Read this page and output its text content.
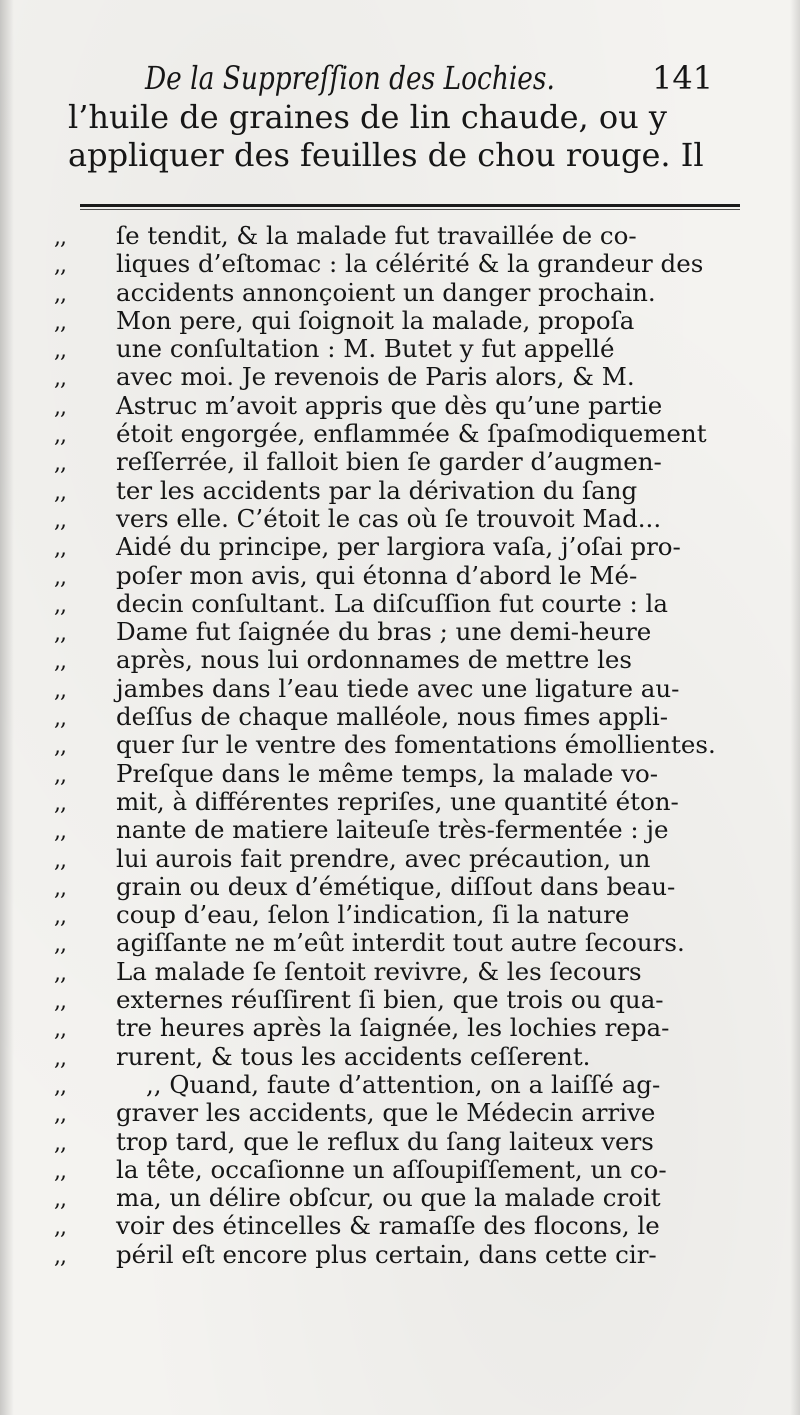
De la Suppreſſion des Lochies.	141
l’huile de graines de lin chaude, ou y
appliquer des feuilles de chou rouge. Il
,,	ſe tendit, & la malade fut travaillée de co-
,,	liques d’eſtomac : la célérité & la grandeur des
,,	accidents annonçoient un danger prochain.
,,	Mon pere, qui ſoignoit la malade, propoſa
,,	une conſultation : M. Butet y fut appellé
,,	avec moi. Je revenois de Paris alors, & M.
,,	Astruc m’avoit appris que dès qu’une partie
,,	étoit engorgée, enflammée & ſpaſmodiquement
,,	reſſerrée, il falloit bien ſe garder d’augmen-
,,	ter les accidents par la dérivation du ſang
,,	vers elle. C’étoit le cas où ſe trouvoit Mad...
,,	Aidé du principe, per largiora vaſa, j’oſai pro-
,,	poſer mon avis, qui étonna d’abord le Mé-
,,	decin conſultant. La diſcuſſion fut courte : la
,,	Dame fut ſaignée du bras ; une demi-heure
,,	après, nous lui ordonnames de mettre les
,,	jambes dans l’eau tiede avec une ligature au-
,,	deſſus de chaque malléole, nous fimes appli-
,,	quer ſur le ventre des fomentations émollientes.
,,	Preſque dans le même temps, la malade vo-
,,	mit, à différentes repriſes, une quantité éton-
,,	nante de matiere laiteuſe très-fermentée : je
,,	lui aurois fait prendre, avec précaution, un
,,	grain ou deux d’émétique, diſſout dans beau-
,,	coup d’eau, ſelon l’indication, ſi la nature
,,	agiſſante ne m’eût interdit tout autre ſecours.
,,	La malade ſe ſentoit revivre, & les ſecours
,,	externes réuſſirent ſi bien, que trois ou qua-
,,	tre heures après la ſaignée, les lochies repa-
,,	rurent, & tous les accidents ceſſerent.
,,	,, Quand, faute d’attention, on a laiſſé ag-
,,	graver les accidents, que le Médecin arrive
,,	trop tard, que le reflux du ſang laiteux vers
,,	la tête, occaſionne un aſſoupiſſement, un co-
,,	ma, un délire obſcur, ou que la malade croit
,,	voir des étincelles & ramaſſe des flocons, le
,,	péril eſt encore plus certain, dans cette cir-
